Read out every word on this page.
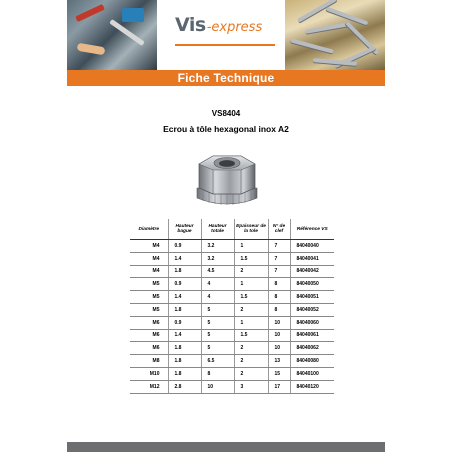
Vis -express
Fiche Technique
VS8404
Ecrou à tôle hexagonal inox A2
Diamètre	Hauteur bague	Hauteur totale	Epaisseur de la tole	N° de clef	Référence VS
M4	0.9	3.2	1	7	84040040
M4	1.4	3.2	1.5	7	84040041
M4	1.8	4.5	2	7	84040042
M5	0.9	4	1	8	84040050
M5	1.4	4	1.5	8	84040051
M5	1.8	5	2	8	84040052
M6	0.9	5	1	10	84040060
M6	1.4	5	1.5	10	84040061
M6	1.8	5	2	10	84040062
M8	1.8	6.5	2	13	84040080
M10	1.8	8	2	15	84040100
M12	2.8	10	3	17	84040120
